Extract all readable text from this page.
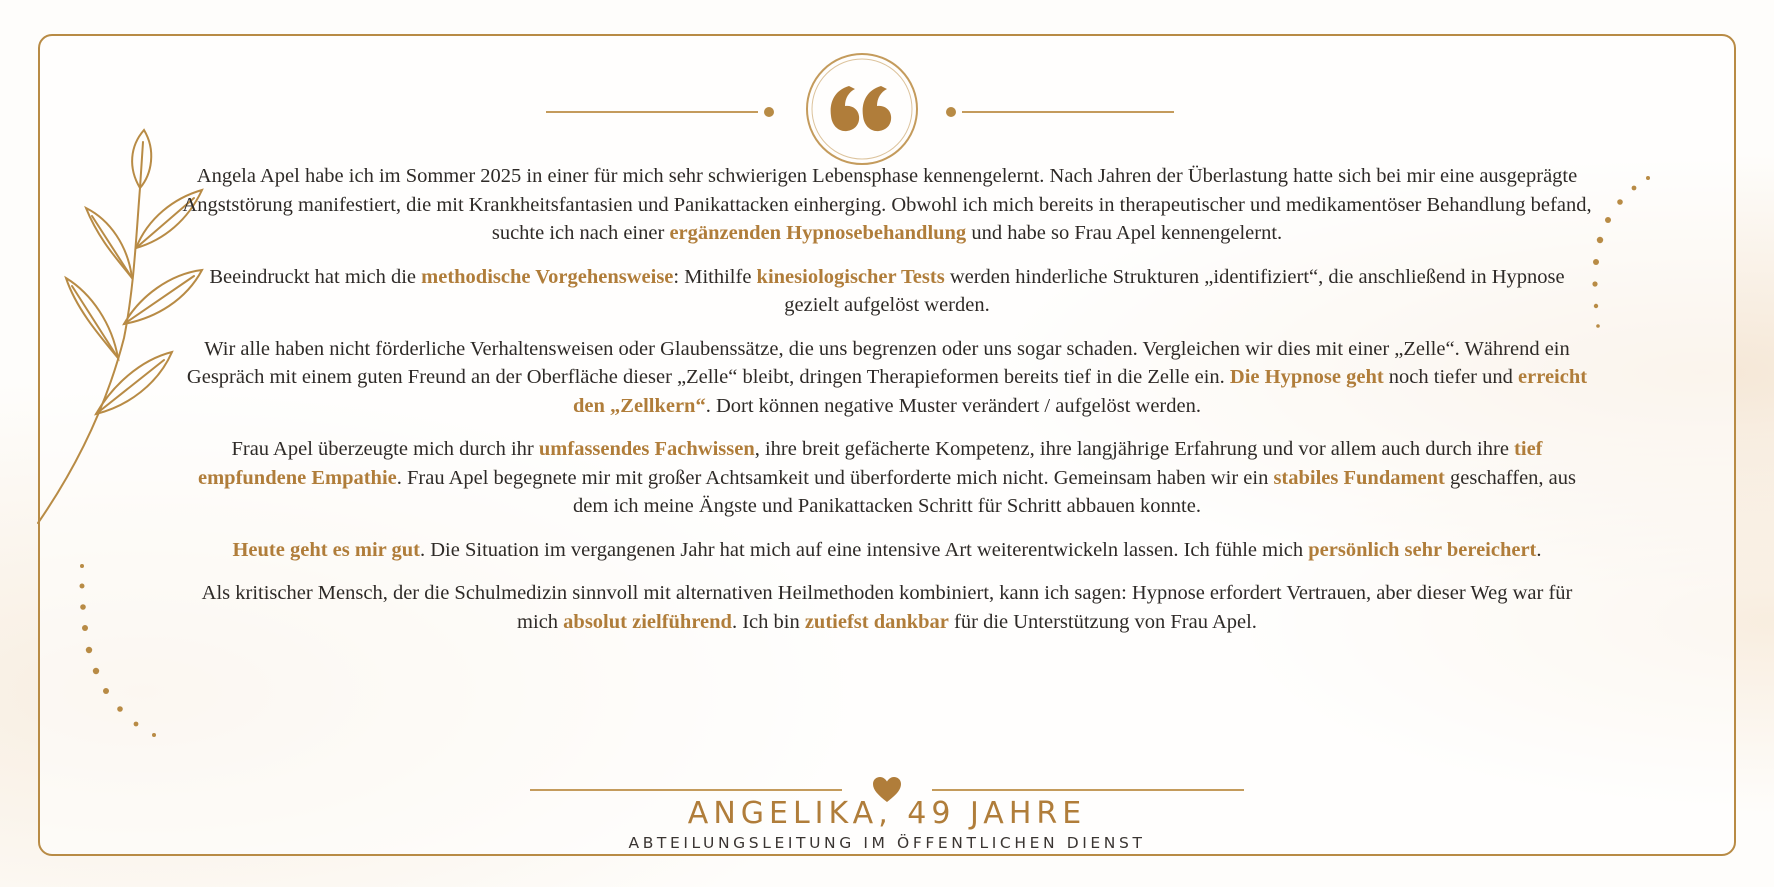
Angela Apel habe ich im Sommer 2025 in einer für mich sehr schwierigen Lebensphase kennengelernt. Nach Jahren der Überlastung hatte sich bei mir eine ausgeprägte Angststörung manifestiert, die mit Krankheitsfantasien und Panikattacken einherging. Obwohl ich mich bereits in therapeutischer und medikamentöser Behandlung befand, suchte ich nach einer ergänzenden Hypnosebehandlung und habe so Frau Apel kennengelernt.

Beeindruckt hat mich die methodische Vorgehensweise: Mithilfe kinesiologischer Tests werden hinderliche Strukturen „identifiziert“, die anschließend in Hypnose gezielt aufgelöst werden.

Wir alle haben nicht förderliche Verhaltensweisen oder Glaubenssätze, die uns begrenzen oder uns sogar schaden. Vergleichen wir dies mit einer „Zelle“. Während ein Gespräch mit einem guten Freund an der Oberfläche dieser „Zelle“ bleibt, dringen Therapieformen bereits tief in die Zelle ein. Die Hypnose geht noch tiefer und erreicht den „Zellkern“. Dort können negative Muster verändert / aufgelöst werden.

Frau Apel überzeugte mich durch ihr umfassendes Fachwissen, ihre breit gefächerte Kompetenz, ihre langjährige Erfahrung und vor allem auch durch ihre tief empfundene Empathie. Frau Apel begegnete mir mit großer Achtsamkeit und überforderte mich nicht. Gemeinsam haben wir ein stabiles Fundament geschaffen, aus dem ich meine Ängste und Panikattacken Schritt für Schritt abbauen konnte.

Heute geht es mir gut. Die Situation im vergangenen Jahr hat mich auf eine intensive Art weiterentwickeln lassen. Ich fühle mich persönlich sehr bereichert.

Als kritischer Mensch, der die Schulmedizin sinnvoll mit alternativen Heilmethoden kombiniert, kann ich sagen: Hypnose erfordert Vertrauen, aber dieser Weg war für mich absolut zielführend. Ich bin zutiefst dankbar für die Unterstützung von Frau Apel.

ANGELIKA, 49 JAHRE
ABTEILUNGSLEITUNG IM ÖFFENTLICHEN DIENST
